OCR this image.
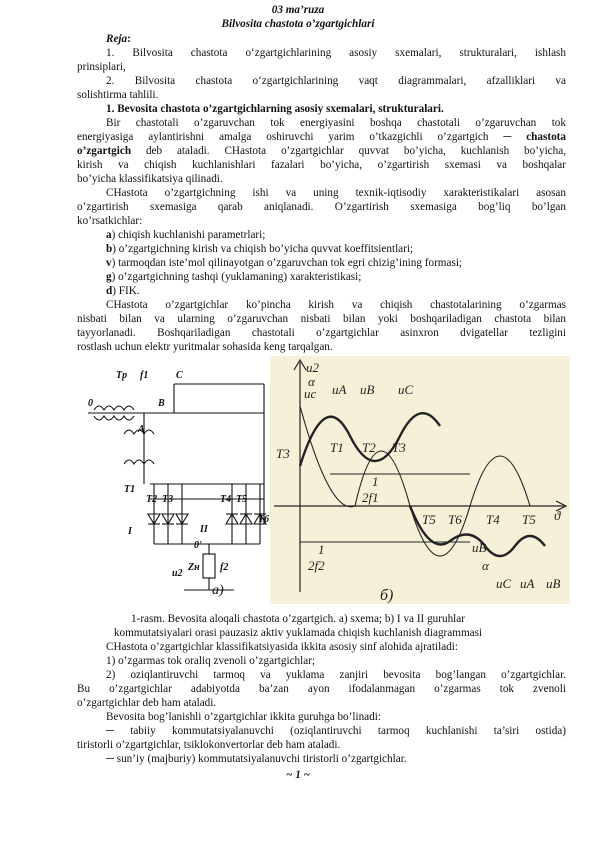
03 ma’ruza
Bilvosita chastota o’zgartgichlari
Reja:
1. Bilvosita chastota o‘zgartgichlarining asosiy sxemalari, strukturalari, ishlash
prinsiplari,
2. Bilvosita chastota o‘zgartgichlarining vaqt diagrammalari, afzalliklari va
solishtirma tahlili.
1. Bevosita chastota o’zgartgichlarning asosiy sxemalari, strukturalari.
Bir chastotali o’zgaruvchan tok energiyasini boshqa chastotali o’zgaruvchan tok
energiyasiga aylantirishni amalga oshiruvchi yarim o’tkazgichli o’zgartgich ─ chastota
o’zgartgich deb ataladi. CHastota o’zgartgichlar quvvat bo’yicha, kuchlanish bo’yicha,
kirish va chiqish kuchlanishlari fazalari bo’yicha, o’zgartirish sxemasi va boshqalar
bo’yicha klassifikatsiya qilinadi.
CHastota o’zgartgichning ishi va uning texnik-iqtisodiy xarakteristikalari asosan
o’zgartirish sxemasiga qarab aniqlanadi. O’zgartirish sxemasiga bog’liq bo’lgan
ko’rsatkichlar:
a) chiqish kuchlanishi parametrlari;
b) o’zgartgichning kirish va chiqish bo’yicha quvvat koeffitsientlari;
v) tarmoqdan iste’mol qilinayotgan o’zgaruvchan tok egri chizig’ining formasi;
g) o’zgartgichning tashqi (yuklamaning) xarakteristikasi;
d) FIK.
CHastota o’zgartgichlar ko’pincha kirish va chiqish chastotalarining o’zgarmas
nisbati bilan va ularning o’zgaruvchan nisbati bilan yoki boshqariladigan chastota bilan
tayyorlanadi. Boshqariladigan chastotali o’zgartgichlar asinxron dvigatellar tezligini
rostlash uchun elektr yuritmalar sohasida keng tarqalgan.
Tp f1	C
0	B
A
T1
T2 T3	T4 T5
T6
I	II
0'
Zн f2
u2
a)
u2
uc uA uB uC
α
T3	T1 T2 T3
1
2f1
1
2f2
T5 T6 T4 T5 ϑ
uB
α
uC uA uB
б)
1-rasm. Bevosita aloqali chastota o’zgartgich. a) sxema; b) I va II guruhlar
kommutatsiyalari orasi pauzasiz aktiv yuklamada chiqish kuchlanish diagrammasi
CHastota o’zgartgichlar klassifikatsiyasida ikkita asosiy sinf alohida ajratiladi:
1) o’zgarmas tok oraliq zvenoli o’zgartgichlar;
2) oziqlantiruvchi tarmoq va yuklama zanjiri bevosita bog’langan o’zgartgichlar.
Bu o’zgartgichlar adabiyotda ba’zan ayon ifodalanmagan o’zgarmas tok zvenoli
o’zgartgichlar deb ham ataladi.
Bevosita bog’lanishli o’zgartgichlar ikkita guruhga bo’linadi:
─ tabiiy kommutatsiyalanuvchi (oziqlantiruvchi tarmoq kuchlanishi ta’siri ostida)
tiristorli o’zgartgichlar, tsiklokonvertorlar deb ham ataladi.
─ sun’iy (majburiy) kommutatsiyalanuvchi tiristorli o’zgartgichlar.
~ 1 ~
